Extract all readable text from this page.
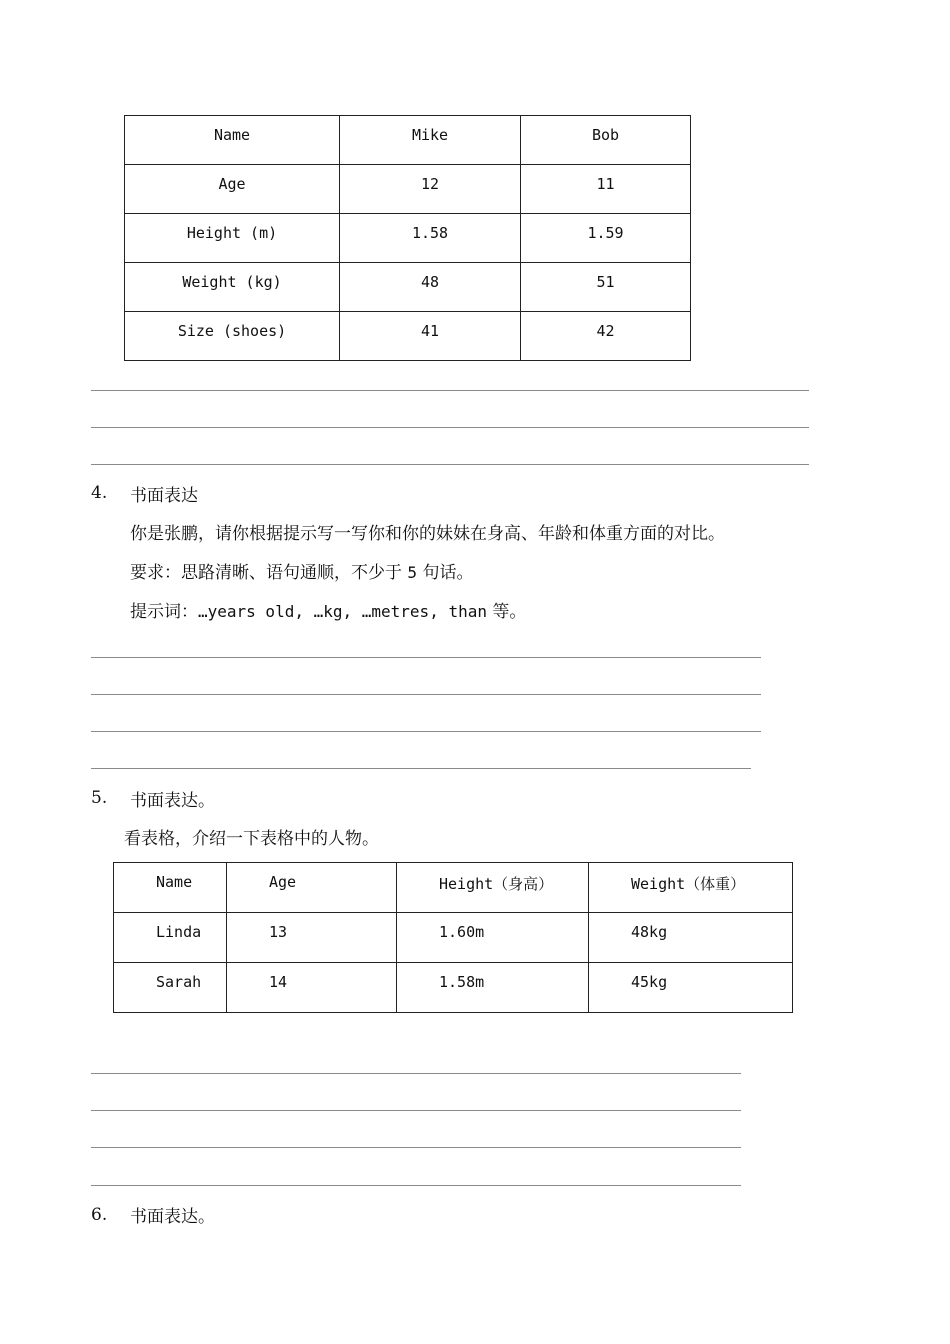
Name	Mike	Bob
Age	12	11
Height (m)	1.58	1.59
Weight (kg)	48	51
Size (shoes)	41	42
4. 书面表达
你是张鹏，请你根据提示写一写你和你的妹妹在身高、年龄和体重方面的对比。
要求：思路清晰、语句通顺，不少于 5 句话。
提示词：…years old, …kg, …metres, than 等。
5. 书面表达。
看表格，介绍一下表格中的人物。
Name	Age	Height（身高）	Weight（体重）
Linda	13	1.60m	48kg
Sarah	14	1.58m	45kg
6. 书面表达。
